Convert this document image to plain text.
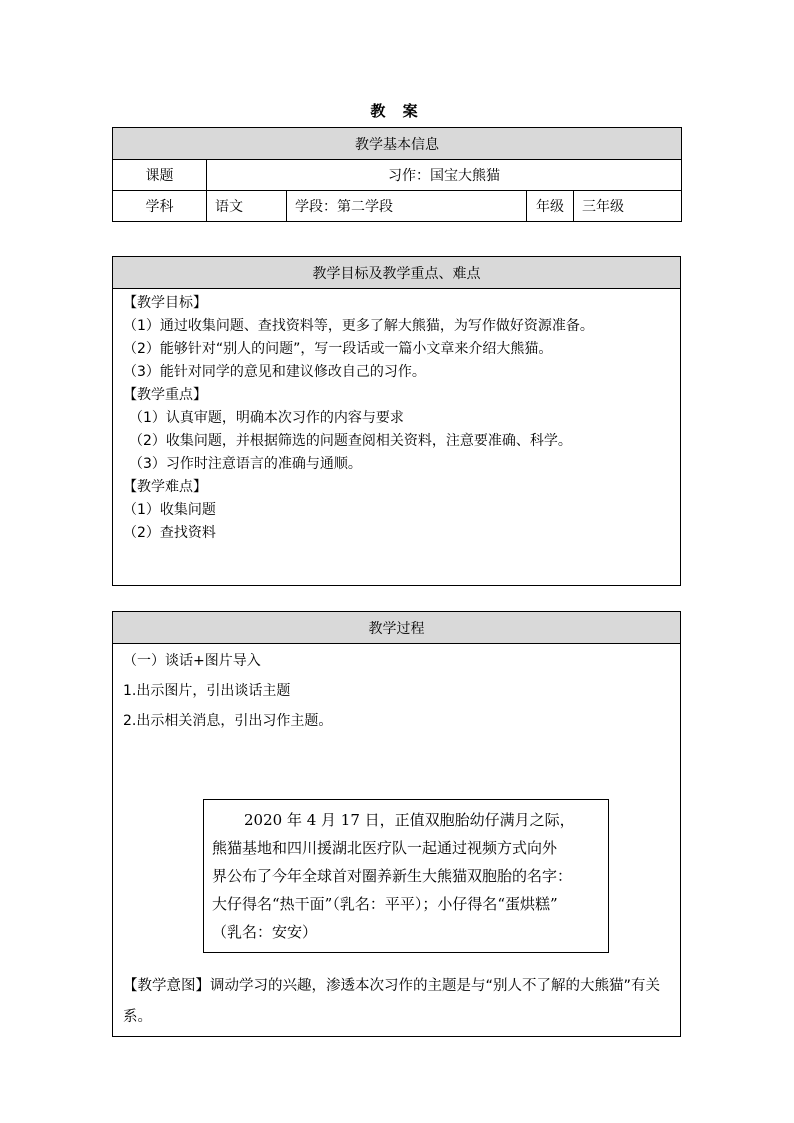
教 案
教学基本信息				
课题	习作：国宝大熊猫			
学科	语文	学段：第二学段	年级	三年级
教学目标及教学重点、难点

【教学目标】
（1）通过收集问题、查找资料等，更多了解大熊猫，为写作做好资源准备。
（2）能够针对“别人的问题”，写一段话或一篇小文章来介绍大熊猫。
（3）能针对同学的意见和建议修改自己的习作。
【教学重点】
（1）认真审题，明确本次习作的内容与要求
（2）收集问题，并根据筛选的问题查阅相关资料，注意要准确、科学。
（3）习作时注意语言的准确与通顺。
【教学难点】
（1）收集问题
（2）查找资料
教学过程

（一）谈话+图片导入
1.出示图片，引出谈话主题
2.出示相关消息，引出习作主题。
2020 年 4 月 17 日，正值双胞胎幼仔满月之际，
熊猫基地和四川援湖北医疗队一起通过视频方式向外
界公布了今年全球首对圈养新生大熊猫双胞胎的名字：
大仔得名“热干面”（乳名：平平）；小仔得名“蛋烘糕”
（乳名：安安）
【教学意图】调动学习的兴趣，渗透本次习作的主题是与“别人不了解的大熊猫”有关系。
